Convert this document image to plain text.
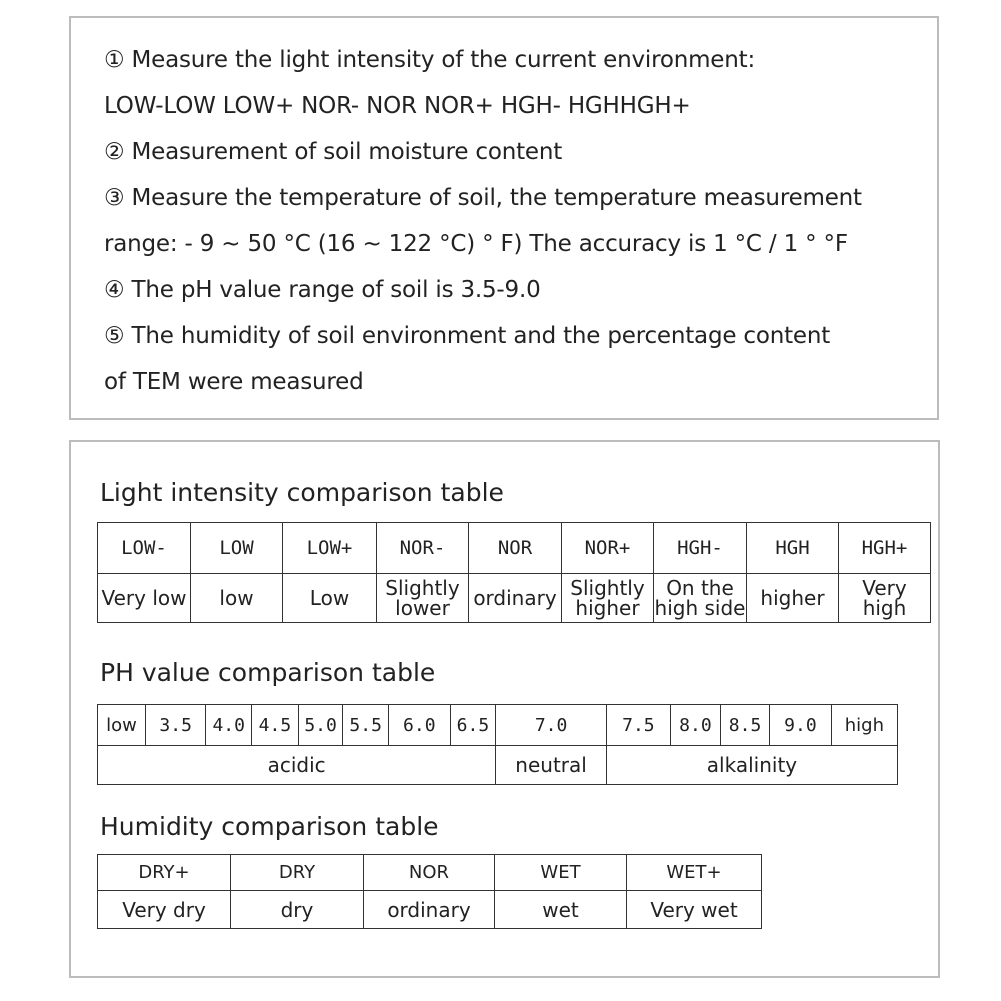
① Measure the light intensity of the current environment:
LOW-LOW LOW+ NOR- NOR NOR+ HGH- HGHHGH+
② Measurement of soil moisture content
③ Measure the temperature of soil, the temperature measurement
range: - 9 ~ 50 °C (16 ~ 122 °C) ° F) The accuracy is 1 °C / 1 ° °F
④ The pH value range of soil is 3.5-9.0
⑤ The humidity of soil environment and the percentage content
of TEM were measured
Light intensity comparison table
LOW-	LOW	LOW+	NOR-	NOR	NOR+	HGH-	HGH	HGH+
Very low	low	Low	Slightly lower	ordinary	Slightly higher	On the high side	higher	Very high
PH value comparison table
low	3.5	4.0	4.5	5.0	5.5	6.0	6.5	7.0	7.5	8.0	8.5	9.0	high
acidic								neutral	alkalinity				
Humidity comparison table
DRY+	DRY	NOR	WET	WET+
Very dry	dry	ordinary	wet	Very wet
